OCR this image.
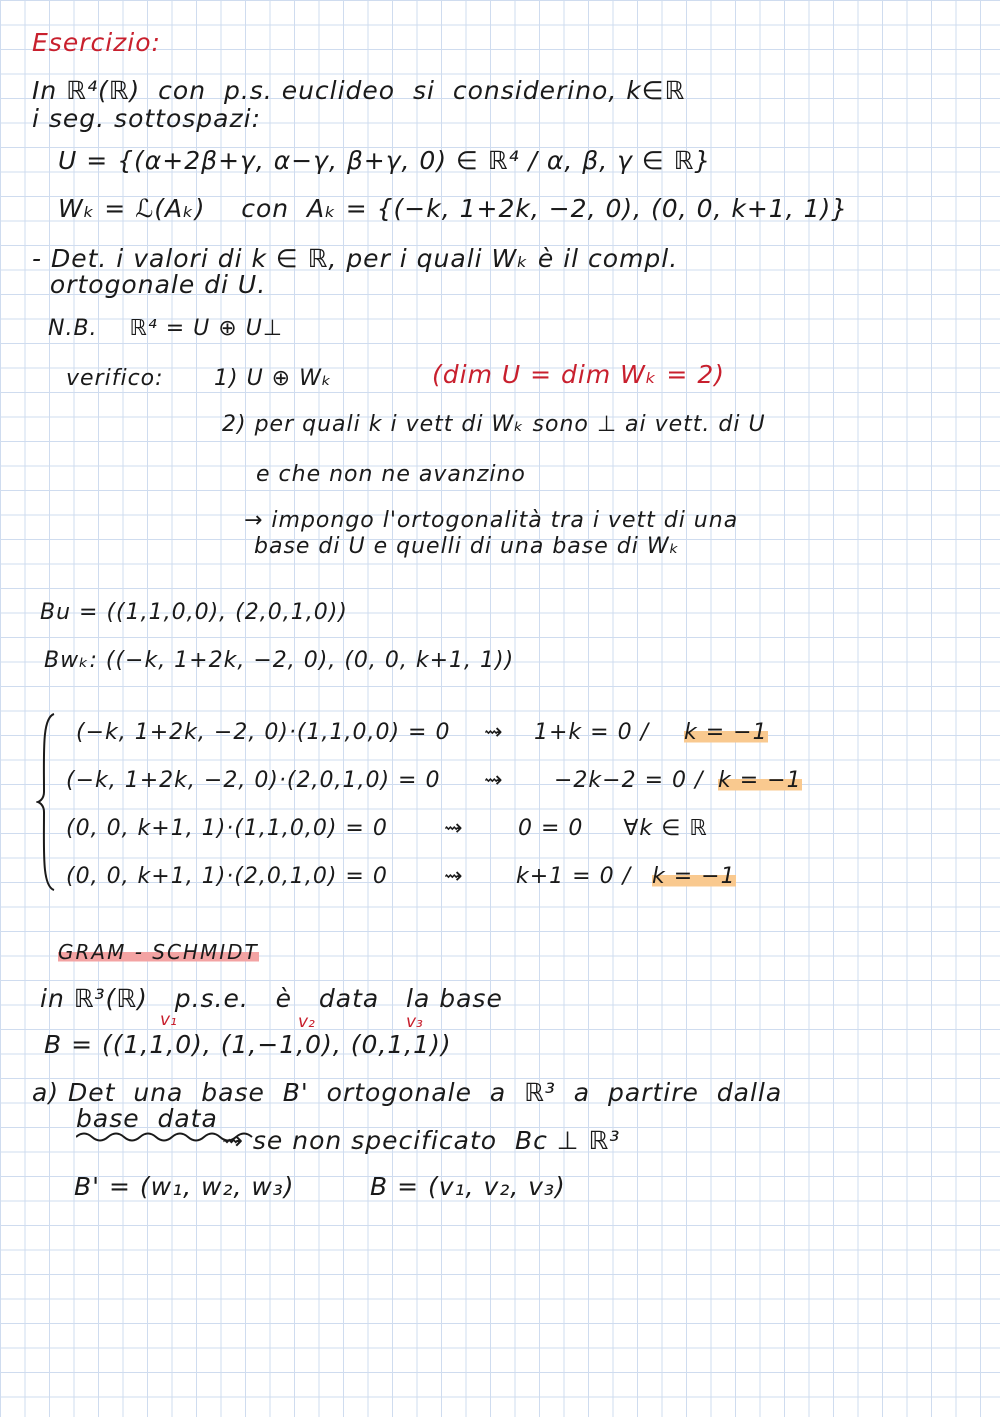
Esercizio:
In ℝ⁴(ℝ)  con  p.s. euclideo  si  considerino, k∈ℝ
i seg. sottospazi:
U = {(α+2β+γ, α−γ, β+γ, 0) ∈ ℝ⁴ / α, β, γ ∈ ℝ}
Wₖ = ℒ(Aₖ)    con  Aₖ = {(−k, 1+2k, −2, 0), (0, 0, k+1, 1)}
- Det. i valori di k ∈ ℝ, per i quali Wₖ è il compl.
ortogonale di U.
N.B.    ℝ⁴ = U ⊕ U⊥
verifico: 1) U ⊕ Wₖ	(dim U = dim Wₖ = 2)
2) per quali k i vett di Wₖ sono ⊥ ai vett. di U
e che non ne avanzino
→ impongo l'ortogonalità tra i vett di una
base di U e quelli di una base di Wₖ
Bu = ((1,1,0,0), (2,0,1,0))
Bwₖ: ((−k, 1+2k, −2, 0), (0, 0, k+1, 1))
(−k, 1+2k, −2, 0)·(1,1,0,0) = 0 ⇝ 1+k = 0 / k = −1
(−k, 1+2k, −2, 0)·(2,0,1,0) = 0 ⇝ −2k−2 = 0 / k = −1
(0, 0, k+1, 1)·(1,1,0,0) = 0	⇝ 0 = 0     ∀k ∈ ℝ
(0, 0, k+1, 1)·(2,0,1,0) = 0	⇝ k+1 = 0 / k = −1
GRAM - SCHMIDT
in ℝ³(ℝ)   p.s.e.   è   data   la base
v₁	v₂	v₃
B = ((1,1,0), (1,−1,0), (0,1,1))
a) Det  una  base  B'  ortogonale  a  ℝ³  a  partire  dalla
base  data
⇝ se non specificato  Bc ⊥ ℝ³
B' = (w₁, w₂, w₃)	B = (v₁, v₂, v₃)
